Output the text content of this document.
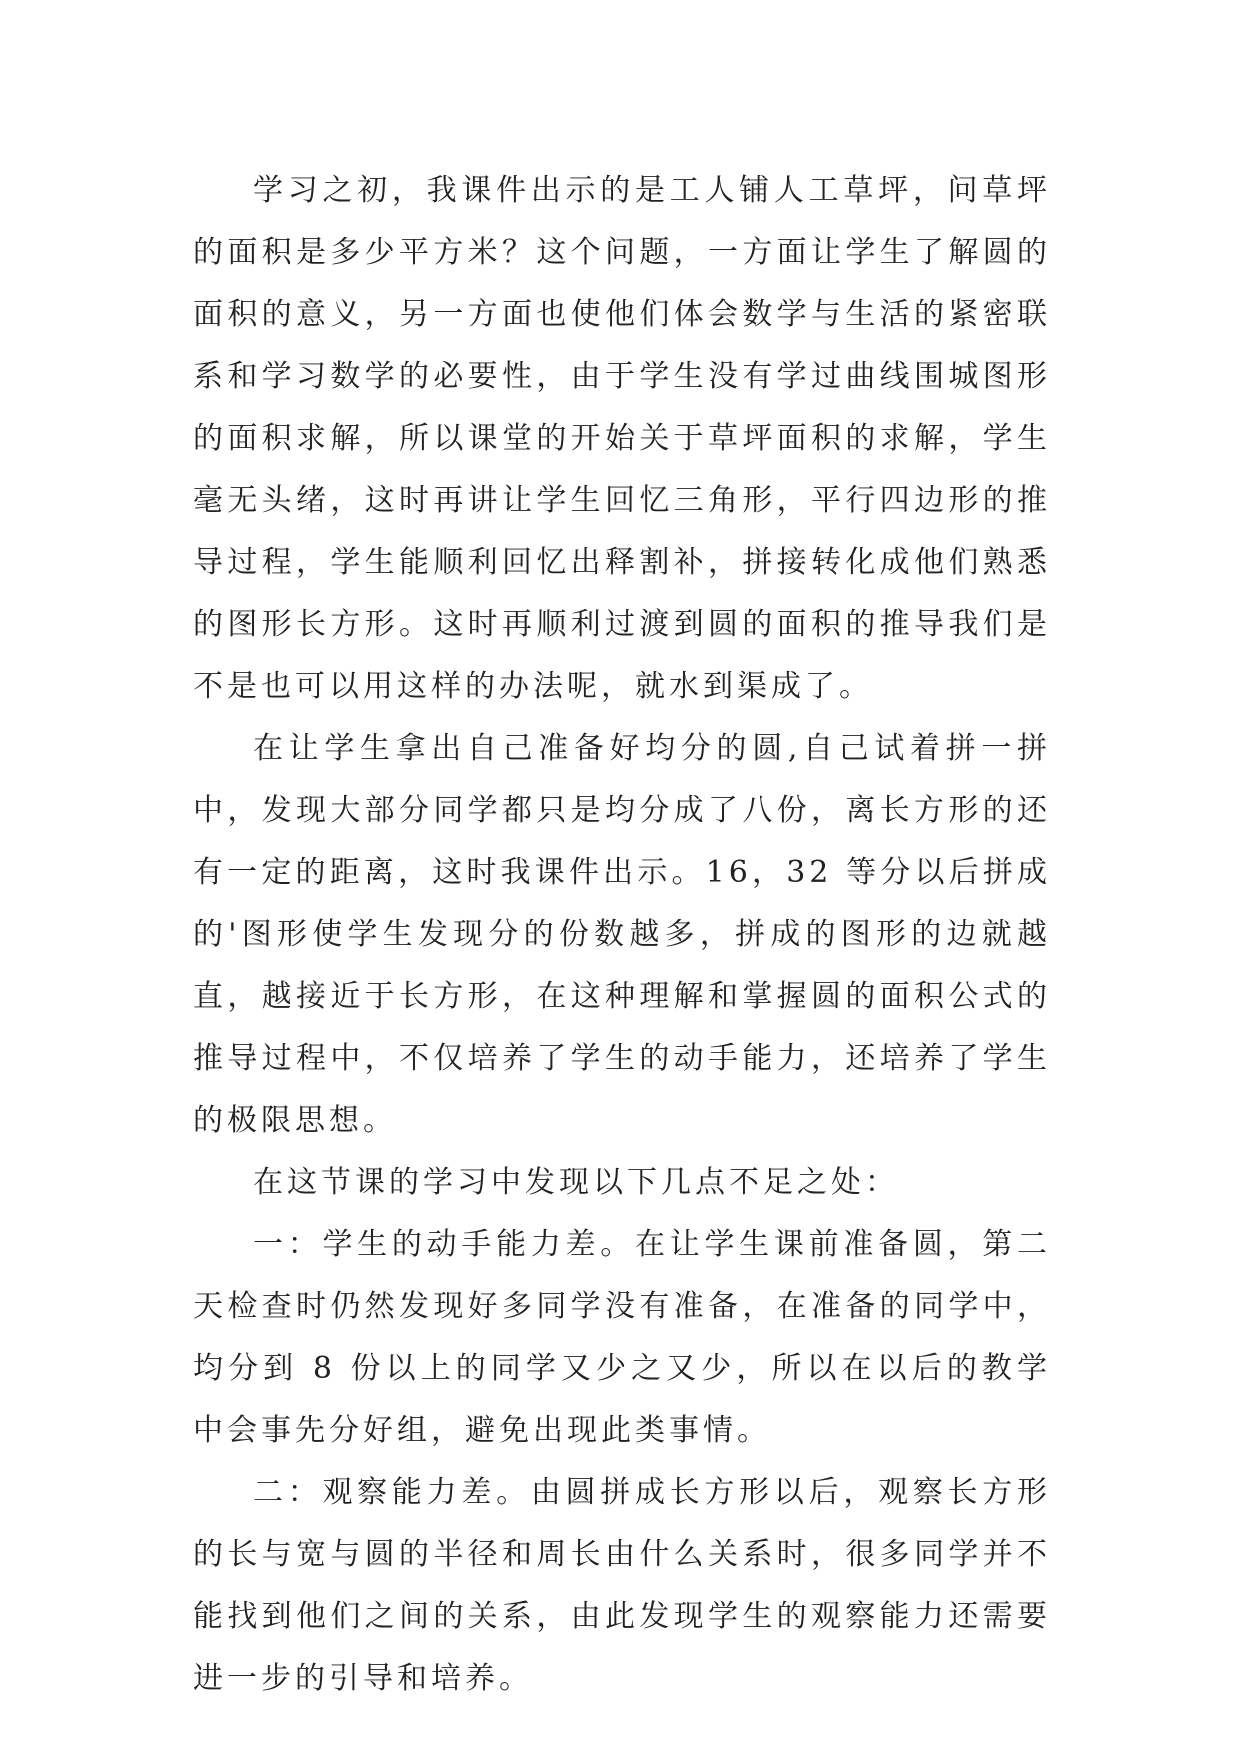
学习之初，我课件出示的是工人铺人工草坪，问草坪的面积是多少平方米？这个问题，一方面让学生了解圆的面积的意义，另一方面也使他们体会数学与生活的紧密联系和学习数学的必要性，由于学生没有学过曲线围城图形的面积求解，所以课堂的开始关于草坪面积的求解，学生毫无头绪，这时再讲让学生回忆三角形，平行四边形的推导过程，学生能顺利回忆出释割补，拼接转化成他们熟悉的图形长方形。这时再顺利过渡到圆的面积的推导我们是不是也可以用这样的办法呢，就水到渠成了。

在让学生拿出自己准备好均分的圆,自己试着拼一拼中，发现大部分同学都只是均分成了八份，离长方形的还有一定的距离，这时我课件出示。16，32 等分以后拼成的'图形使学生发现分的份数越多，拼成的图形的边就越直，越接近于长方形，在这种理解和掌握圆的面积公式的推导过程中，不仅培养了学生的动手能力，还培养了学生的极限思想。

在这节课的学习中发现以下几点不足之处：

一：学生的动手能力差。在让学生课前准备圆，第二天检查时仍然发现好多同学没有准备，在准备的同学中，均分到 8 份以上的同学又少之又少，所以在以后的教学中会事先分好组，避免出现此类事情。

二：观察能力差。由圆拼成长方形以后，观察长方形的长与宽与圆的半径和周长由什么关系时，很多同学并不能找到他们之间的关系，由此发现学生的观察能力还需要进一步的引导和培养。
